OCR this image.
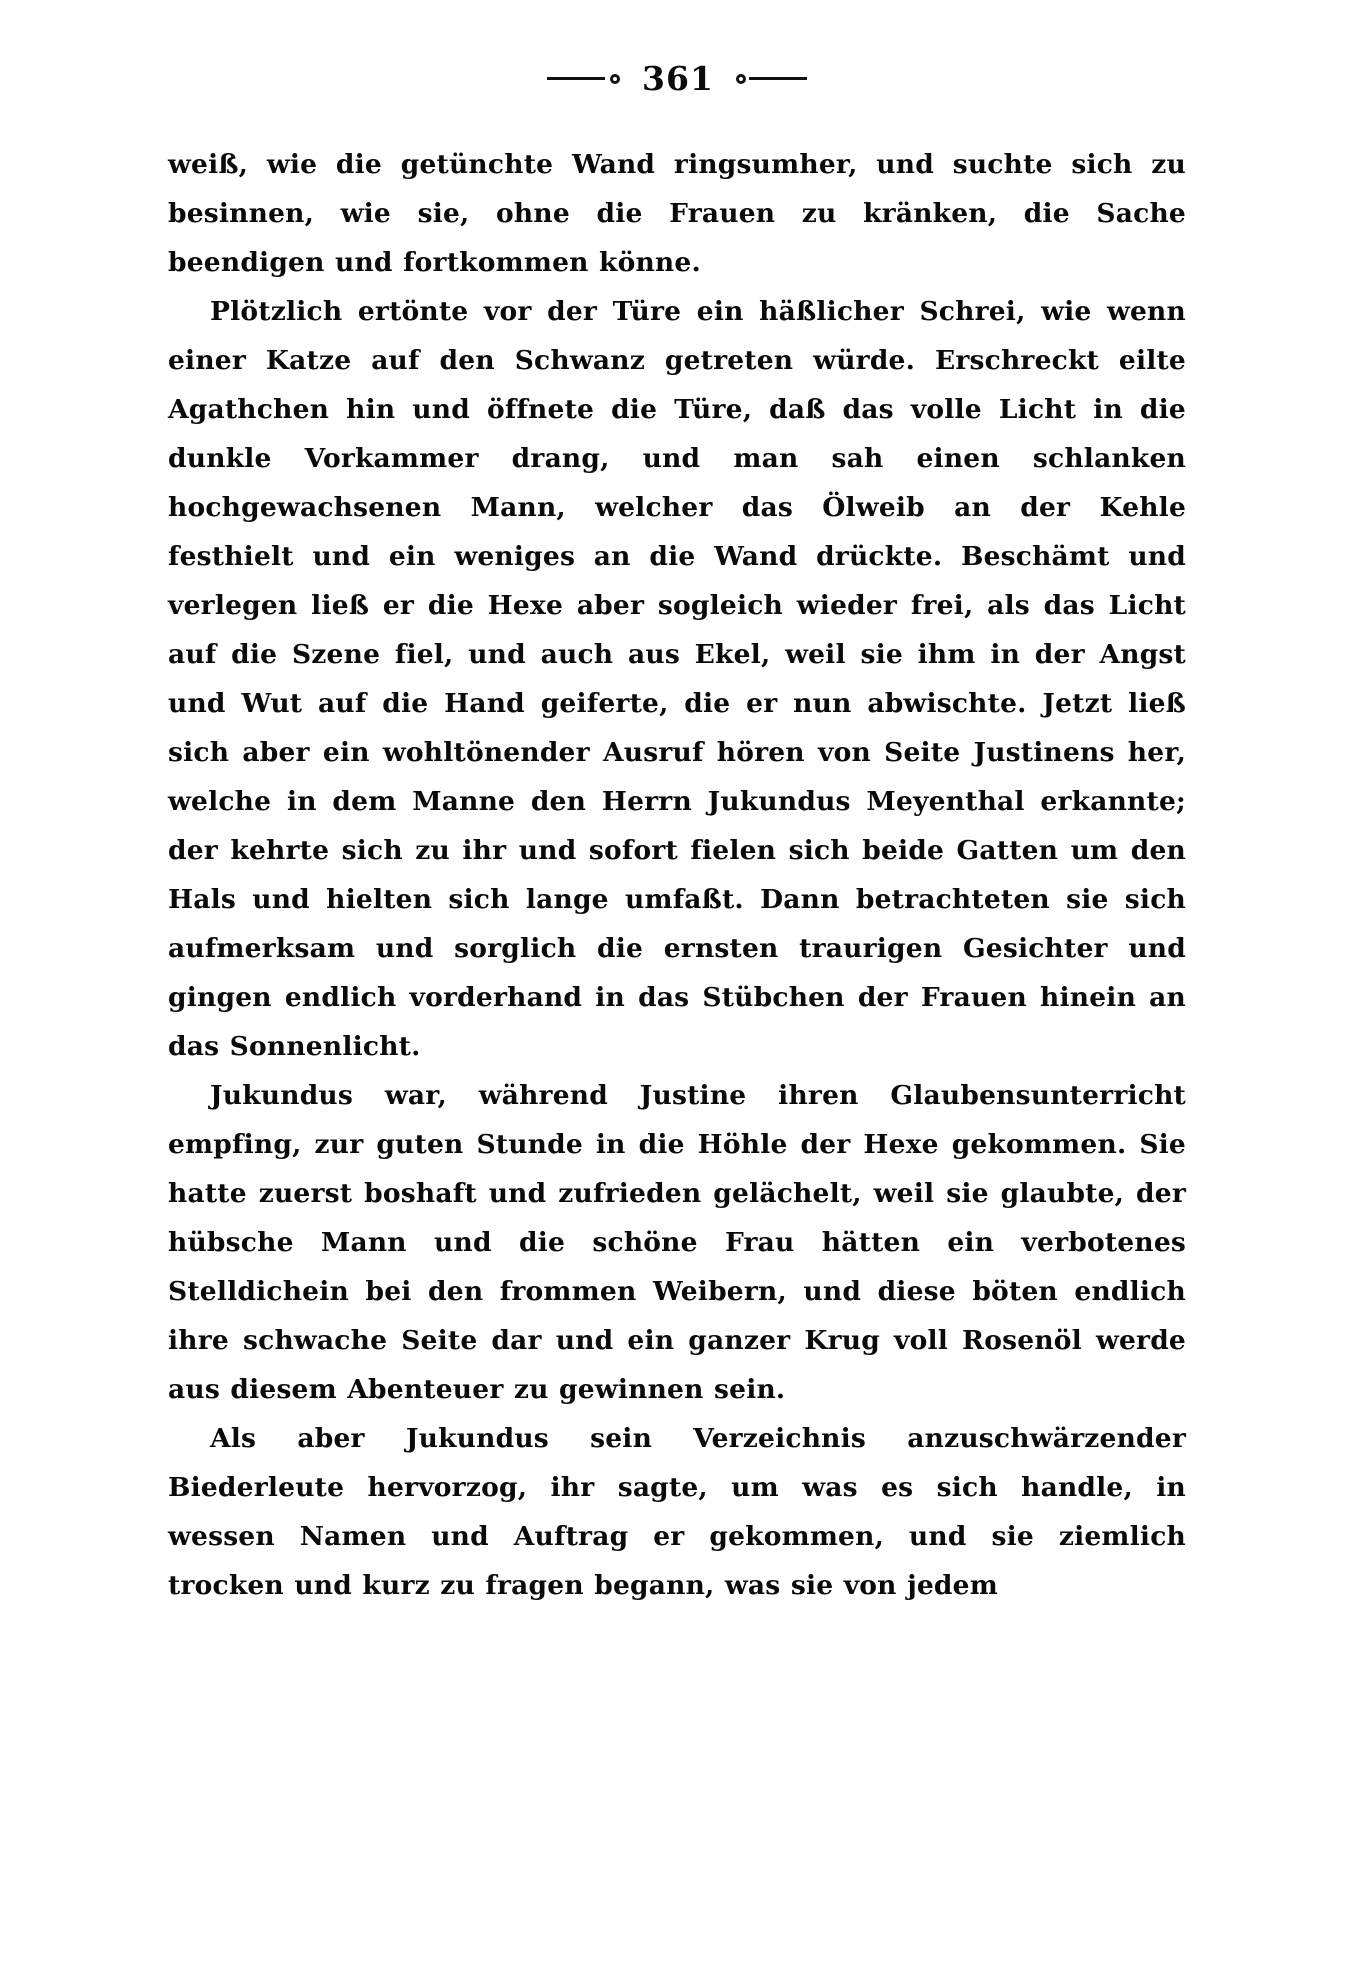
361

weiß, wie die getünchte Wand ringsumher, und suchte sich zu besinnen, wie sie, ohne die Frauen zu kränken, die Sache beendigen und fortkommen könne.

Plötzlich ertönte vor der Türe ein häßlicher Schrei, wie wenn einer Katze auf den Schwanz getreten würde. Erschreckt eilte Agathchen hin und öffnete die Türe, daß das volle Licht in die dunkle Vorkammer drang, und man sah einen schlanken hochgewachsenen Mann, welcher das Ölweib an der Kehle festhielt und ein weniges an die Wand drückte. Beschämt und verlegen ließ er die Hexe aber sogleich wieder frei, als das Licht auf die Szene fiel, und auch aus Ekel, weil sie ihm in der Angst und Wut auf die Hand geiferte, die er nun abwischte. Jetzt ließ sich aber ein wohltönender Ausruf hören von Seite Justinens her, welche in dem Manne den Herrn Jukundus Meyenthal erkannte; der kehrte sich zu ihr und sofort fielen sich beide Gatten um den Hals und hielten sich lange umfaßt. Dann betrachteten sie sich aufmerksam und sorglich die ernsten traurigen Gesichter und gingen endlich vorderhand in das Stübchen der Frauen hinein an das Sonnenlicht.

Jukundus war, während Justine ihren Glaubensunterricht empfing, zur guten Stunde in die Höhle der Hexe gekommen. Sie hatte zuerst boshaft und zufrieden gelächelt, weil sie glaubte, der hübsche Mann und die schöne Frau hätten ein verbotenes Stelldichein bei den frommen Weibern, und diese böten endlich ihre schwache Seite dar und ein ganzer Krug voll Rosenöl werde aus diesem Abenteuer zu gewinnen sein.

Als aber Jukundus sein Verzeichnis anzuschwärzender Biederleute hervorzog, ihr sagte, um was es sich handle, in wessen Namen und Auftrag er gekommen, und sie ziemlich trocken und kurz zu fragen begann, was sie von jedem
